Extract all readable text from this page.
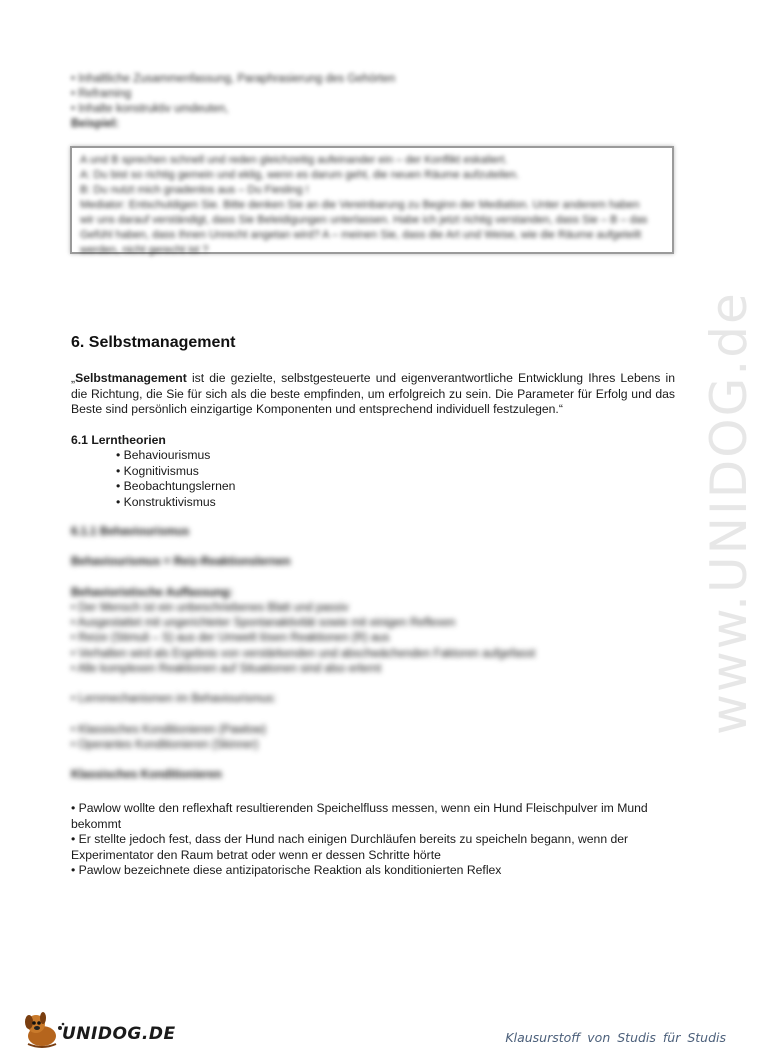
• Inhaltliche Zusammenfassung, Paraphrasierung des Gehörten
• Reframing
• Inhalte konstruktiv umdeuten,
Beispiel:
A und B sprechen schnell und reden gleichzeitig aufeinander ein – der Konflikt eskaliert.
A: Du bist so richtig gemein und eklig, wenn es darum geht, die neuen Räume aufzuteilen.
B: Du nutzt mich gnadenlos aus – Du Fiesling !
Mediator: Entschuldigen Sie. Bitte denken Sie an die Vereinbarung zu Beginn der Mediation. Unter anderem haben
wir uns darauf verständigt, dass Sie Beleidigungen unterlassen. Habe ich jetzt richtig verstanden, dass Sie – B – das
Gefühl haben, dass Ihnen Unrecht angetan wird? A – meinen Sie, dass die Art und Weise, wie die Räume aufgeteilt
werden, nicht gerecht ist ?
6. Selbstmanagement
„Selbstmanagement ist die gezielte, selbstgesteuerte und eigenverantwortliche Entwicklung Ihres Lebens in die Richtung, die Sie für sich als die beste empfinden, um erfolgreich zu sein. Die Parameter für Erfolg und das Beste sind persönlich einzigartige Komponenten und entsprechend individuell festzulegen.“
6.1 Lerntheorien
• Behaviourismus
• Kognitivismus
• Beobachtungslernen
• Konstruktivismus
6.1.1 Behaviourismus
Behaviourismus = Reiz-Reaktionslernen
Behavioristische Auffassung:
• Der Mensch ist ein unbeschriebenes Blatt und passiv
• Ausgestattet mit ungerichteter Spontanaktivität sowie mit einigen Reflexen
• Reize (Stimuli – S) aus der Umwelt lösen Reaktionen (R) aus
• Verhalten wird als Ergebnis von verstärkenden und abschwächenden Faktoren aufgefasst
• Alle komplexen Reaktionen auf Situationen sind also erlernt
• Lernmechanismen im Behaviourismus:
• Klassisches Konditionieren (Pawlow)
• Operantes Konditionieren (Skinner)
Klassisches Konditionieren
• Pawlow wollte den reflexhaft resultierenden Speichelfluss messen, wenn ein Hund Fleischpulver im Mund bekommt
• Er stellte jedoch fest, dass der Hund nach einigen Durchläufen bereits zu speicheln begann, wenn der Experimentator den Raum betrat oder wenn er dessen Schritte hörte
• Pawlow bezeichnete diese antizipatorische Reaktion als konditionierten Reflex
www.UNIDOG.de
UNIDOG.DE	Klausurstoff von Studis für Studis
